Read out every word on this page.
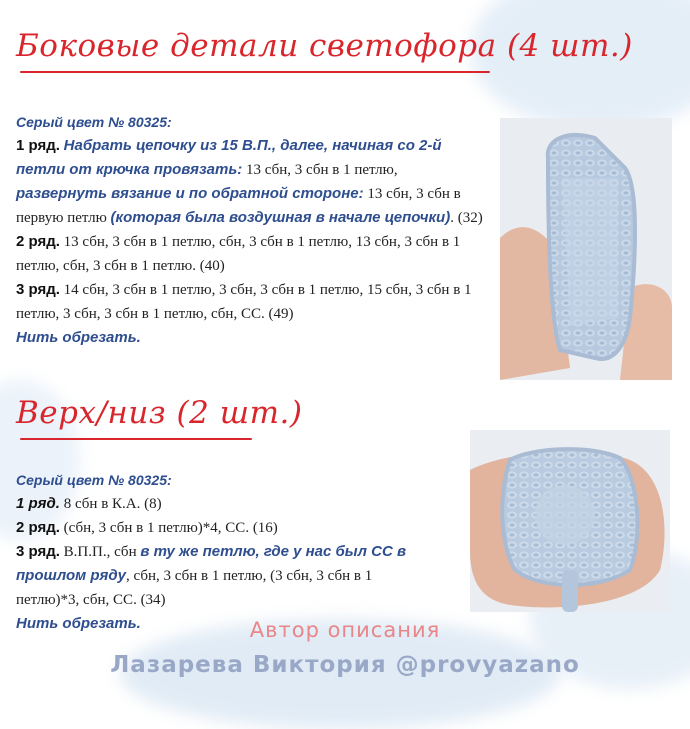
Боковые детали светофора (4 шт.)
Серый цвет № 80325:
1 ряд. Набрать цепочку из 15 В.П., далее, начиная со 2-й петли от крючка провязать: 13 сбн, 3 сбн в 1 петлю, развернуть вязание и по обратной стороне: 13 сбн, 3 сбн в первую петлю (которая была воздушная в начале цепочки). (32)
2 ряд. 13 сбн, 3 сбн в 1 петлю, сбн, 3 сбн в 1 петлю, 13 сбн, 3 сбн в 1 петлю, сбн, 3 сбн в 1 петлю. (40)
3 ряд. 14 сбн, 3 сбн в 1 петлю, 3 сбн, 3 сбн в 1 петлю, 15 сбн, 3 сбн в 1 петлю, 3 сбн, 3 сбн в 1 петлю, сбн, СС. (49)
Нить обрезать.
Верх/низ (2 шт.)
Серый цвет № 80325:
1 ряд. 8 сбн в К.А. (8)
2 ряд. (сбн, 3 сбн в 1 петлю)*4, СС. (16)
3 ряд. В.П.П., сбн в ту же петлю, где у нас был СС в прошлом ряду, сбн, 3 сбн в 1 петлю, (3 сбн, 3 сбн в 1 петлю)*3, сбн, СС. (34)
Нить обрезать.	Автор описания
Лазарева Виктория @provyazano
